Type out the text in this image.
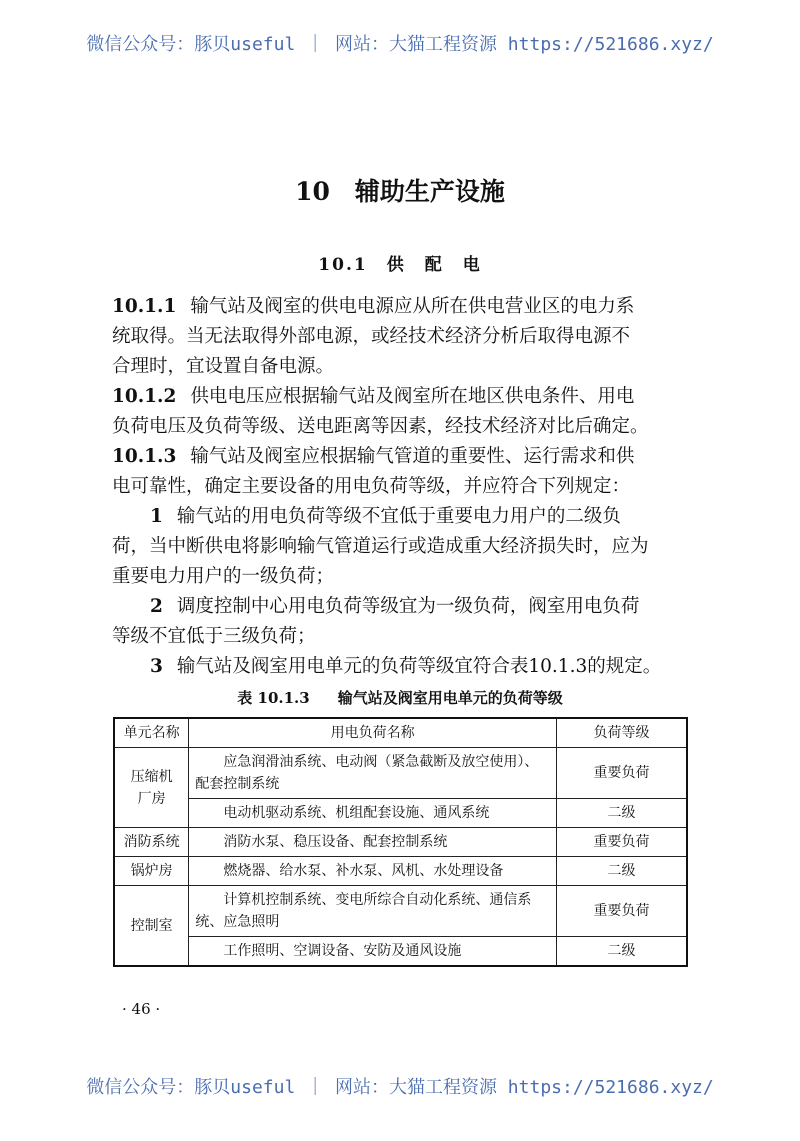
微信公众号：豚贝useful ｜ 网站：大猫工程资源 https://521686.xyz/
10　辅助生产设施
10.1　供　配　电
10.1.1 输气站及阀室的供电电源应从所在供电营业区的电力系
统取得。当无法取得外部电源，或经技术经济分析后取得电源不
合理时，宜设置自备电源。
10.1.2 供电电压应根据输气站及阀室所在地区供电条件、用电
负荷电压及负荷等级、送电距离等因素，经技术经济对比后确定。
10.1.3 输气站及阀室应根据输气管道的重要性、运行需求和供
电可靠性，确定主要设备的用电负荷等级，并应符合下列规定：
1 输气站的用电负荷等级不宜低于重要电力用户的二级负
荷，当中断供电将影响输气管道运行或造成重大经济损失时，应为
重要电力用户的一级负荷；
2 调度控制中心用电负荷等级宜为一级负荷，阀室用电负荷
等级不宜低于三级负荷；
3 输气站及阀室用电单元的负荷等级宜符合表10.1.3的规定。
表 10.1.3 输气站及阀室用电单元的负荷等级
单元名称	用电负荷名称	负荷等级
压缩机厂房	应急润滑油系统、电动阀（紧急截断及放空使用）、配套控制系统	重要负荷
	电动机驱动系统、机组配套设施、通风系统	二级
消防系统	消防水泵、稳压设备、配套控制系统	重要负荷
锅炉房	燃烧器、给水泵、补水泵、风机、水处理设备	二级
控制室	计算机控制系统、变电所综合自动化系统、通信系统、应急照明	重要负荷
	工作照明、空调设备、安防及通风设施	二级
· 46 ·
微信公众号：豚贝useful ｜ 网站：大猫工程资源 https://521686.xyz/
